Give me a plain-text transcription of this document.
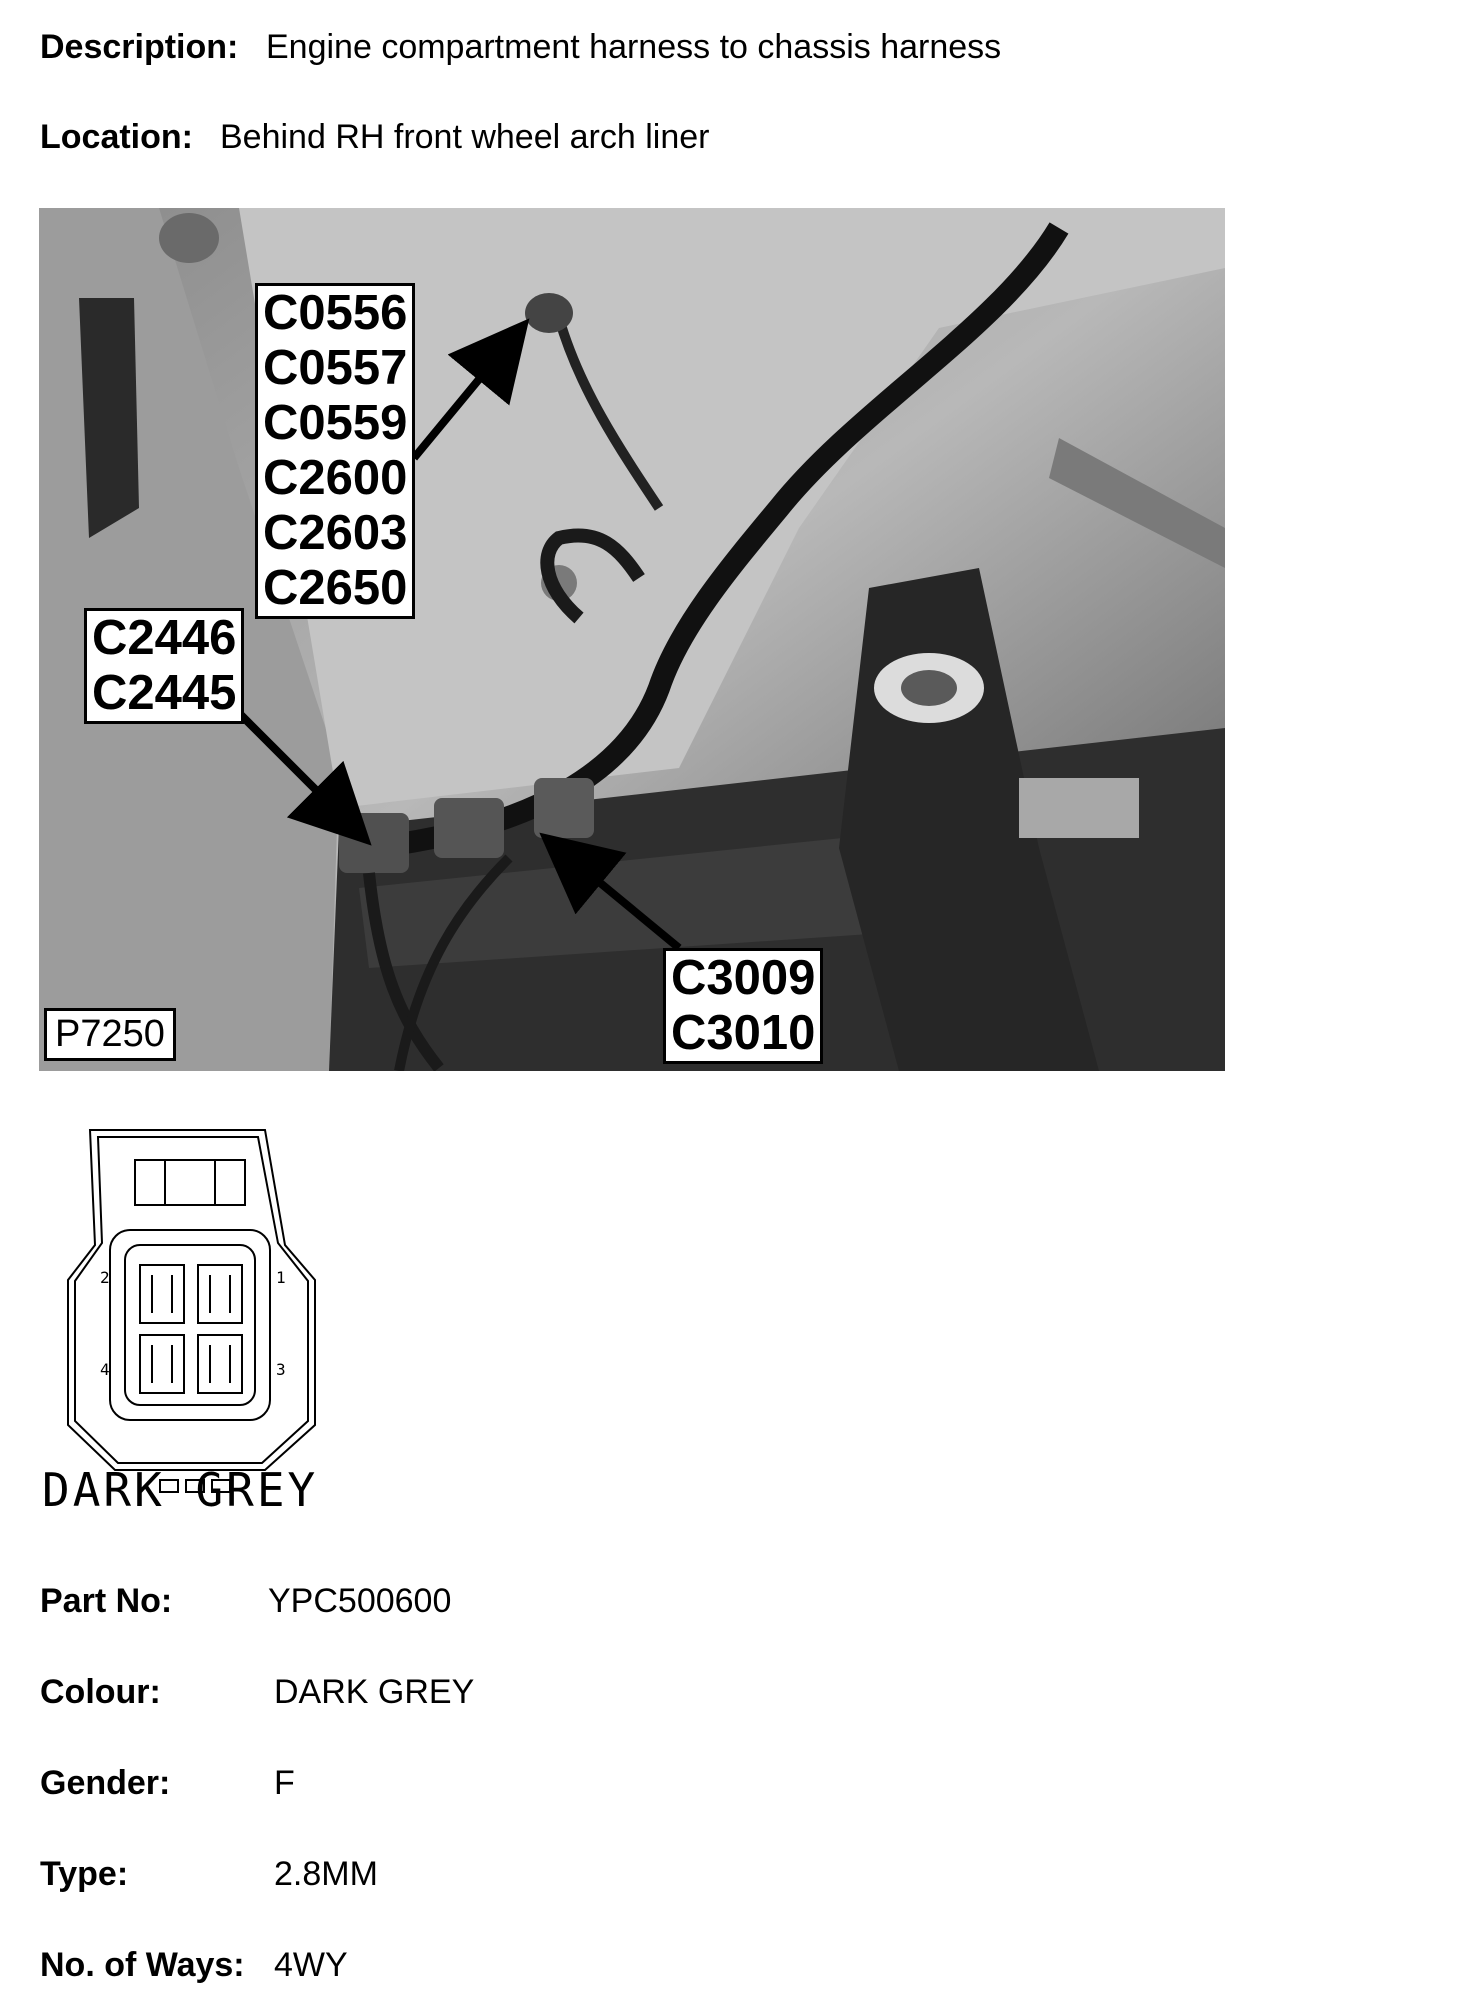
Description: Engine compartment harness to chassis harness
Location: Behind RH front wheel arch liner
C0556
C0557
C0559
C2600
C2603
C2650
C2446
C2445
C3009
C3010
P7250
1
2
3
4
DARK GREY
Part No:	YPC500600
Colour:	DARK GREY
Gender:	F
Type:	2.8MM
No. of Ways: 4WY
